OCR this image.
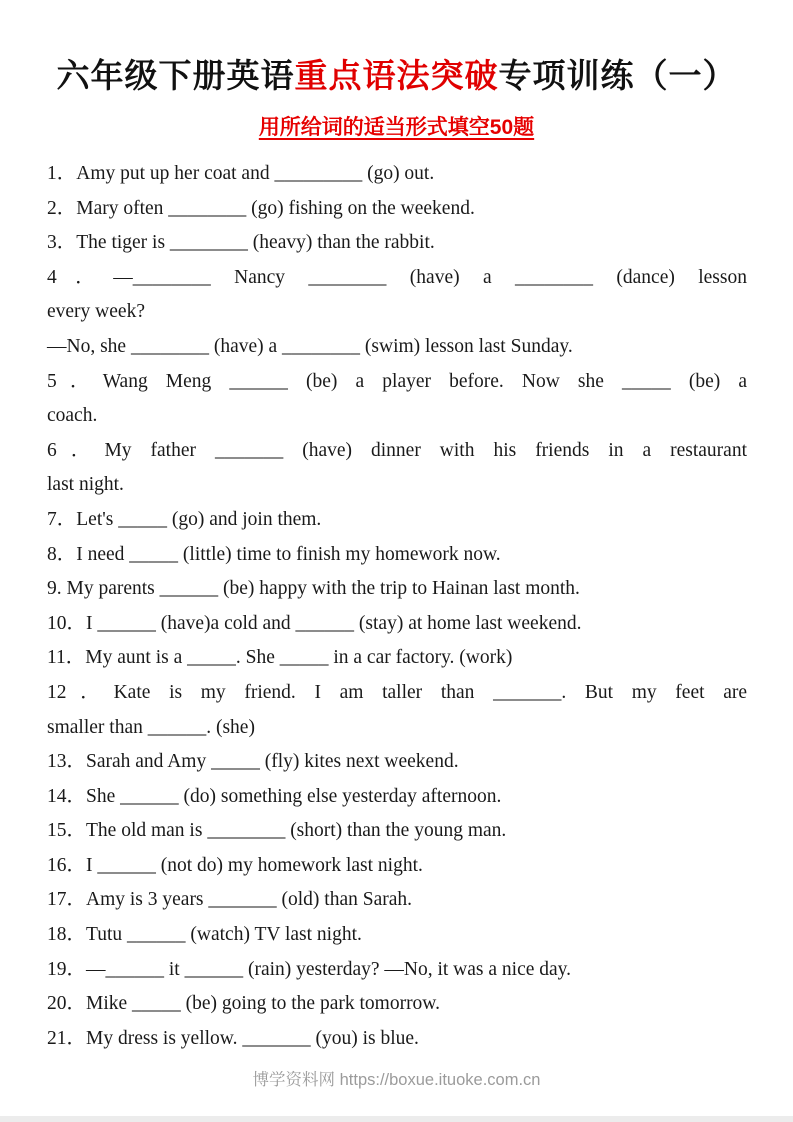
六年级下册英语重点语法突破专项训练（一）
用所给词的适当形式填空50题
1．Amy put up her coat and _________ (go) out.
2．Mary often ________ (go) fishing on the weekend.
3．The tiger is ________ (heavy) than the rabbit.
4．—________ Nancy ________ (have) a ________ (dance) lesson
every week?
—No, she ________ (have) a ________ (swim) lesson last Sunday.
5．Wang Meng ______ (be) a player before. Now she _____ (be) a
coach.
6．My father _______ (have) dinner with his friends in a restaurant
last night.
7．Let's _____ (go) and join them.
8．I need _____ (little) time to finish my homework now.
9. My parents ______ (be) happy with the trip to Hainan last month.
10．I ______ (have)a cold and ______ (stay) at home last weekend.
11．My aunt is a _____. She _____ in a car factory. (work)
12．Kate is my friend. I am taller than _______. But my feet are
smaller than ______. (she)
13．Sarah and Amy _____ (fly) kites next weekend.
14．She ______ (do) something else yesterday afternoon.
15．The old man is ________ (short) than the young man.
16．I ______ (not do) my homework last night.
17．Amy is 3 years _______ (old) than Sarah.
18．Tutu ______ (watch) TV last night.
19．—______ it ______ (rain) yesterday? —No, it was a nice day.
20．Mike _____ (be) going to the park tomorrow.
21．My dress is yellow. _______ (you) is blue.
博学资料网 https://boxue.ituoke.com.cn
